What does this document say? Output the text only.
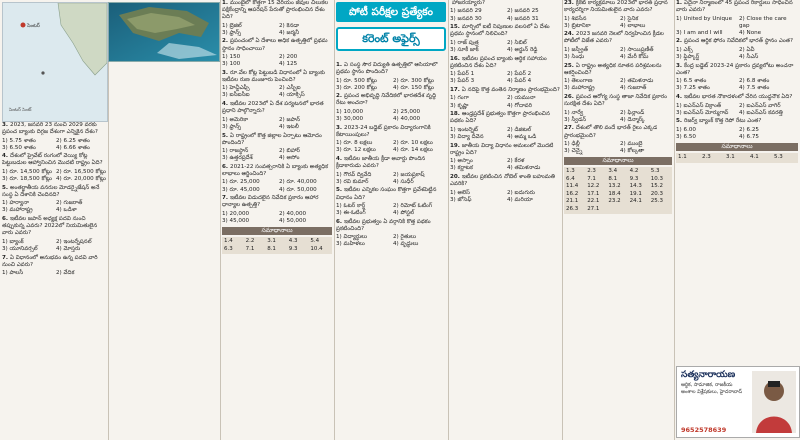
సెంటర్
సెంటర్ సెంట్

3. 2023, జనవరి 23 నుంచి 2029 వరకు ప్రపంచ బ్యాంకు దిగ్గజ దేశంగా ఎన్నికైన దేశం?

1) 5.75 శాతం	2) 6.25 శాతం
3) 6.50 శాతం	4) 6.66 శాతం

4. దేశంలో ప్రైవేట్ రంగంలో వెయ్యి కోట్ల పెట్టుబడుల ఆహ్వానించిన మొదటి రాష్ట్రం ఏది?

1) రూ. 14,500 కోట్లు 2) రూ. 16,500 కోట్లు
3) రూ. 18,500 కోట్లు 4) రూ. 20,000 కోట్లు

5. అంతర్జాతీయ వనరుల మోడర్నైజేషన్ అనే సంస్థ ఏ దేశానికి చెందినది?

1) హర్యానా	2) గుజరాత్
3) మహారాష్ట్ర	4) ఒడిశా

6. ఇటీవల జపాన్ అధ్యక్ష పదవి నుంచి తప్పుకున్న ఎవరు? 2022లో నియమితులైన వారు ఎవరు?

1) బ్యాంక్	2) ఇంటర్నేషనల్
3) యూనివర్సల్	4) మోస్తరు

7. ఏ విధానంలో అనుభవం ఉన్న పదవి వారి నుంచి ఎవరు?

1) పాలసీ	2) వేదిక

1. ముంబైలో కొత్తగా 15 వేరియం జీవుల చిలుకల పక్షికేంద్రాన్ని ఆపరేషన్ పేరుతో ప్రారంభించిన దేశం ఏది?

1) బ్రెజిల్	2) కెనడా
3) ఫ్రాన్స్	4) జర్మనీ

2. ప్రపంచంలో ఏ దేశాలు అధిక ఉత్పత్తిలో ప్రథమ స్థానం సాధించాయి?

1) 150	2) 200
3) 100	4) 125

3. రూ.వేల కోట్ల పెట్టుబడి విధానంలో ఏ బ్యాంకు ఇటీవల రుణ మంజూరు పెంచింది?

1) హెచ్డీఎఫ్సీ	2) ఎస్బీఐ
3) ఐసీఐసీఐ	4) యాక్సిస్

4. ఇటీవల 2023లో ఏ దేశ పర్యటనలో భారత ప్రధాని పాల్గొన్నారు?

1) అమెరికా	2) జపాన్
3) ఫ్రాన్స్	4) ఇటలీ

5. ఏ రాష్ట్రంలో కొత్త జిల్లాల ఏర్పాటు ఆమోదం పొందింది?

1) రాజస్థాన్	2) బిహార్
3) ఉత్తరప్రదేశ్	4) అసోం

6. 2021-22 సంవత్సరానికి ఏ బ్యాంకు అత్యధిక లాభాలు ఆర్జించింది?

1) రూ. 25,000	2) రూ. 40,000
3) రూ. 45,000	4) రూ. 50,000

7. ఇటీవల విడుదలైన నివేదిక ప్రకారం ఆహార ధాన్యాల ఉత్పత్తి?

1) 20,000	2) 40,000
3) 45,000	4) 50,000
సమాధానాలు
1.4	2.2	3.1	4.3	5.4
6.3	7.1	8.1	9.3	10.4
పోటీ పరీక్షల ప్రత్యేకం
కరెంట్ అఫైర్స్

1. ఏ సంస్థ సౌర విద్యుత్ ఉత్పత్తిలో ఆసియాలో ప్రథమ స్థానం పొందింది?

1) రూ. 500 కోట్లు	2) రూ. 300 కోట్లు
3) రూ. 200 కోట్లు	4) రూ. 150 కోట్లు

2. ప్రపంచ అభివృద్ధి నివేదికలో భారతదేశ వృద్ధి రేటు అంచనా?

1) 10,000	2) 25,000
3) 30,000	4) 40,000

3. 2023-24 బడ్జెట్ ప్రకారం విద్యారంగానికి కేటాయింపులు?

1) రూ. 8 లక్షలు	2) రూ. 10 లక్షలు
3) రూ. 12 లక్షలు	4) రూ. 14 లక్షలు

4. ఇటీవల జాతీయ క్రీడా అవార్డు పొందిన క్రీడాకారుడు ఎవరు?

1) గౌరవ్ ద్వివేది	2) జయప్రకాష్
3) రవి కుమార్	4) సుధీర్

5. ఇటీవల ఎన్నికల సంఘం కొత్తగా ప్రవేశపెట్టిన విధానం ఏది?

1) ఓటర్ కార్డ్	2) రిమోట్ ఓటింగ్
3) ఈ-ఓటింగ్	4) పోస్టల్

6. ఇటీవల ప్రభుత్వం ఏ వర్గానికి కొత్త పథకం ప్రకటించింది?

1) విద్యార్థులు	2) రైతులు
3) మహిళలు	4) వృద్ధులు

హాజరయ్యారు?

1) జనవరి 29	2) జనవరి 25
3) జనవరి 30	4) జనవరి 31

15. మార్చిలో ఐటీ నిపుణుల వలసలో ఏ దేశం ప్రథమ స్థానంలో నిలిచింది?

1) రాజ్ పుత్ర	2) సిబిల్
3) సూకీ జాక్	4) అర్జున్ రెడ్డి

16. ఇటీవల ప్రపంచ బ్యాంకు ఆర్థిక సహాయం ప్రకటించిన దేశం ఏది?

1) పేపర్ 1	2) పేపర్ 2
3) పేపర్ 3	4) పేపర్ 4

17. ఏ నదిపై కొత్త వంతెన నిర్మాణం ప్రారంభమైంది?

1) గంగా	2) యమునా
3) కృష్ణా	4) గోదావరి

18. ఆంధ్రప్రదేశ్ ప్రభుత్వం కొత్తగా ప్రారంభించిన పథకం ఏది?

1) ఇంటర్నెట్	2) డిజిటల్
3) విద్యా దీవెన	4) అమ్మ ఒడి

19. జాతీయ విద్యా విధానం అమలులో మొదటి రాష్ట్రం ఏది?

1) అస్సాం	2) కేరళ
3) కర్ణాటక	4) తమిళనాడు

20. ఇటీవల ప్రకటించిన నోబెల్ శాంతి బహుమతి ఎవరికి?

1) అలెస్	2) ఐదుగురు
3) జోసెఫ్	4) మరియా

23. క్రికెట్ కార్యక్రమాలు 2023లో భారత్ ప్రధాన కార్యదర్శిగా నియమితులైన వారు ఎవరు?

1) శివసేన	2) సైనిక
3) బ్రిటానికా	4) లాభాలు

24. 2023 జనవరి నెలలో నిర్వహించిన క్రీడల పోటీలో విజేత ఎవరు?

1) జస్ప్రీత్	2) సాయిప్రణీత్
3) సింధు	4) మేరీ కోమ్

25. ఏ రాష్ట్రం అత్యధిక నూతన పరిశ్రమలను ఆకర్షించింది?

1) తెలంగాణ	2) తమిళనాడు
3) మహారాష్ట్ర	4) గుజరాత్

26. ప్రపంచ ఆరోగ్య సంస్థ తాజా నివేదిక ప్రకారం సురక్షిత దేశం ఏది?

1) నార్వే	2) ఫిన్లాండ్
3) స్వీడన్	4) డెన్మార్క్

27. దేశంలో తొలి వందే భారత్ రైలు ఎక్కడ ప్రారంభమైంది?

1) ఢిల్లీ	2) ముంబై
3) చెన్నై	4) కోల్కతా
సమాధానాలు
1.3	2.3	3.4	4.2	5.3
6.4	7.1	8.1	9.3	10.3
11.4	12.2	13.2	14.3	15.2
16.2	17.1	18.4	19.1	20.3
21.1	22.1	23.2	24.1	25.3
26.3	27.1

1. ఏదైనా నిర్మాణంలో 45 ప్రపంచ రికార్డులు సాధించిన వారు ఎవరు?

1) United by Unique	2) Close the care gap
3) I am and I will	4) None

2. ప్రపంచ ఆర్థిక ఫోరం నివేదికలో భారత్ స్థానం ఎంత?

1) ఎక్స్	2) ఏవీ
3) ఫ్లిప్కార్ట్	4) సీఎస్

3. కేంద్ర బడ్జెట్ 2023-24 ప్రకారం ద్రవ్యలోటు అంచనా ఎంత?

1) 6.5 శాతం	2) 6.8 శాతం
3) 7.25 శాతం	4) 7.5 శాతం

4. ఇటీవల భారత నౌకాదళంలో చేరిన యుద్ధనౌక ఏది?

1) ఐఎన్ఎస్ విక్రాంత్	2) ఐఎన్ఎస్ వాగిర్
3) ఐఎన్ఎస్ మోర్ముగావ్	4) ఐఎన్ఎస్ కవరత్తి

5. రిజర్వ్ బ్యాంక్ కొత్త రెపో రేటు ఎంత?

1) 6.00	2) 6.25
3) 6.50	4) 6.75
సమాధానాలు
1.1	2.3	3.1	4.1	5.3
సత్యనారాయణ
ఆర్థిక, సామాజిక, రాజకీయ అంశాల విశ్లేషకులు, హైదరాబాద్
9652578639
